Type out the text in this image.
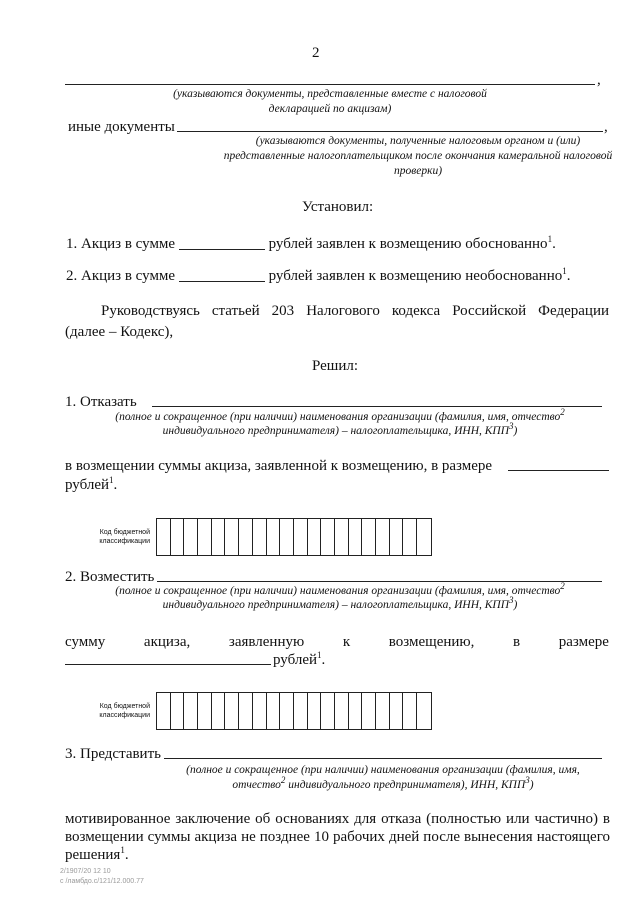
2
,
(указываются документы, представленные вместе с налоговой декларацией по акцизам)
иные документы	,
(указываются документы, полученные налоговым органом и (или) представленные налогоплательщиком после окончания камеральной налоговой проверки)
Установил:
1. Акциз в сумме	рублей заявлен к возмещению обоснованно$^1$.
2. Акциз в сумме	рублей заявлен к возмещению необоснованно$^1$.
Руководствуясь статьей 203 Налогового кодекса Российской Федерации
(далее – Кодекс),
Решил:
1. Отказать
(полное и сокращенное (при наличии) наименования организации (фамилия, имя, отчество$^2$
индивидуального предпринимателя) – налогоплательщика, ИНН, КПП$^3$)
в возмещении суммы акциза, заявленной к возмещению, в размере
рублей$^1$.
Код бюджетной классификации
2. Возместить
(полное и сокращенное (при наличии) наименования организации (фамилия, имя, отчество$^2$
индивидуального предпринимателя) – налогоплательщика, ИНН, КПП$^3$)
сумму	акциза,	заявленную	к	возмещению,	в	размере
рублей$^1$.
Код бюджетной классификации
3. Представить
(полное и сокращенное (при наличии) наименования организации (фамилия, имя,
отчество$^2$ индивидуального предпринимателя), ИНН, КПП$^3$)
мотивированное заключение об основаниях для отказа (полностью или частично) в
возмещении суммы акциза не позднее 10 рабочих дней после вынесения настоящего
решения$^1$.
2/1907/20 12 10
с /ламбдо.с/121/12.000.77
